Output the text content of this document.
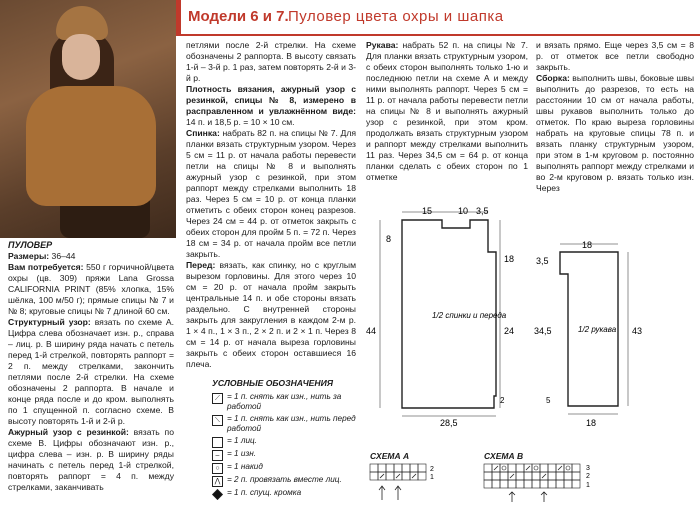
Модели 6 и 7. Пуловер цвета охры и шапка
ПУЛОВЕР

Размеры: 36–44

Вам потребуется: 550 г горчичной/цвета охры (цв. 309) пряжи Lana Grossa CALIFORNIA PRINT (85% хлопка, 15% шёлка, 100 м/50 г); прямые спицы № 7 и № 8; круговые спицы № 7 длиной 60 см.

Структурный узор: вязать по схеме А. Цифра слева обозначает изн. р., справа – лиц. р. В ширину ряда начать с петель перед 1-й стрелкой, повторять раппорт = 2 п. между стрелками, закончить петлями после 2-й стрелки. На схеме обозначены 2 раппорта. В начале и конце ряда после и до кром. выполнять по 1 спущенной п. согласно схеме. В высоту повторять 1-й и 2-й р.

Ажурный узор с резинкой: вязать по схеме В. Цифры обозначают изн. р., цифра слева – изн. р. В ширину ряды начинать с петель перед 1-й стрелкой, повторять раппорт = 4 п. между стрелками, заканчивать

петлями после 2-й стрелки. На схеме обозначены 2 раппорта. В высоту связать 1-й – 3-й р. 1 раз, затем повторять 2-й и 3-й р.

Плотность вязания, ажурный узор с резинкой, спицы № 8, измерено в расправленном и увлажнённом виде: 14 п. и 18,5 р. = 10 × 10 см.

Спинка: набрать 82 п. на спицы № 7. Для планки вязать структурным узором. Через 5 см = 11 р. от начала работы перевести петли на спицы № 8 и выполнять ажурный узор с резинкой, при этом раппорт между стрелками выполнить 18 раз. Через 5 см = 10 р. от конца планки отметить с обеих сторон конец разрезов. Через 24 см = 44 р. от отметок закрыть с обеих сторон для пройм 5 п. = 72 п. Через 18 см = 34 р. от начала пройм все петли закрыть.

Перед: вязать, как спинку, но с круглым вырезом горловины. Для этого через 10 см = 20 р. от начала пройм закрыть центральные 14 п. и обе стороны вязать раздельно. С внутренней стороны закрыть для закругления в каждом 2-м р. 1 × 4 п., 1 × 3 п., 2 × 2 п. и 2 × 1 п. Через 8 см = 14 р. от начала выреза горловины закрыть с обеих сторон оставшиеся 16 плеча.

Рукава: набрать 52 п. на спицы № 7. Для планки вязать структурным узором, с обеих сторон выполнять только 1-ю и последнюю петли на схеме А и между ними выполнять раппорт. Через 5 см = 11 р. от начала работы перевести петли на спицы № 8 и выполнять ажурный узор с резинкой, при этом кром. продолжать вязать структурным узором и раппорт между стрелками выполнить 11 раз. Через 34,5 см = 64 р. от конца планки сделать с обеих сторон по 1 отметке

и вязать прямо. Еще через 3,5 см = 8 р. от отметок все петли свободно закрыть.

Сборка: выполнить швы, боковые швы выполнить до разрезов, то есть на расстоянии 10 см от начала работы, швы рукавов выполнить только до отметок. По краю выреза горловины набрать на круговые спицы 78 п. и вязать планку структурным узором, при этом в 1-м круговом р. постоянно выполнять раппорт между стрелками и во 2-м круговом р. вязать только изн. Через

УСЛОВНЫЕ ОБОЗНАЧЕНИЯ
⟋ = 1 п. снять как изн., нить за работой
⟍ = 1 п. снять как изн., нить перед работой
= 1 лиц.
– = 1 изн.
○ = 1 накид
⋀ = 2 п. провязать вместе лиц.
= 1 п. спущ. кромка
15	10 3,5
8
18
44	24
2
28,5
1/2 спинки и переда
18
3,5
34,5	43
5
18
1/2 рукава
СХЕМА А
2
1
СХЕМА В
3
2
1
